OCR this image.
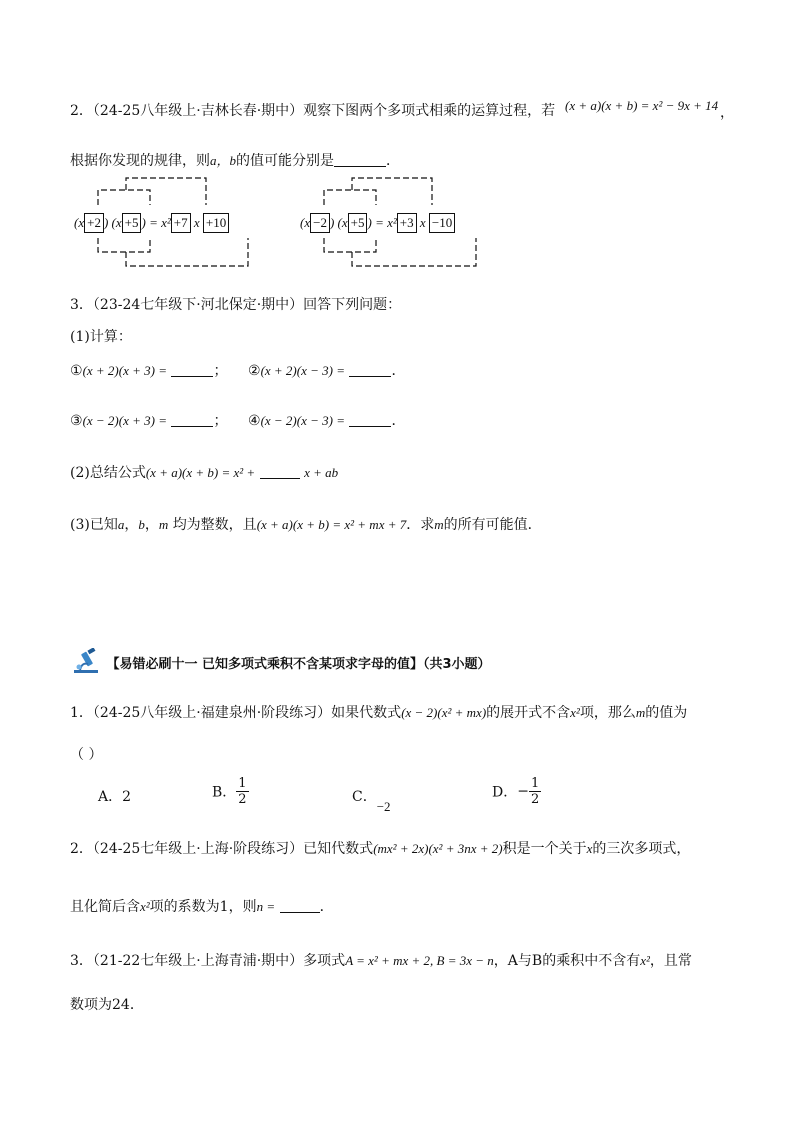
2．（24-25八年级上·吉林长春·期中）观察下图两个多项式相乘的运算过程，若 (x + a)(x + b) = x² − 9x + 14 ，
根据你发现的规律，则a，b的值可能分别是	．
(x +2 ) (x +5 ) = x² +7 x +10	(x −2 ) (x +5 ) = x² +3 x −10
3．（23-24七年级下·河北保定·期中）回答下列问题：
(1)计算：
①(x + 2)(x + 3) =	； ②(x + 2)(x − 3) =	．
③(x − 2)(x + 3) =	； ④(x − 2)(x − 3) =	．
(2)总结公式(x + a)(x + b) = x² +	x + ab
(3)已知a，b，m 均为整数，且(x + a)(x + b) = x² + mx + 7．求m的所有可能值．
【易错必刷十一 已知多项式乘积不含某项求字母的值】（共3小题）
1．（24-25八年级上·福建泉州·阶段练习）如果代数式(x − 2)(x² + mx)的展开式不含x²项，那么m的值为
（ ）
A．2	B． $\frac{1}{2}$	C．−2
D．− $\frac{1}{2}$
2．（24-25七年级上·上海·阶段练习）已知代数式(mx² + 2x)(x² + 3nx + 2)积是一个关于x的三次多项式，
且化简后含x²项的系数为1，则n =	．
3．（21-22七年级上·上海青浦·期中）多项式A = x² + mx + 2, B = 3x − n，A与B的乘积中不含有x²，且常
数项为24．
